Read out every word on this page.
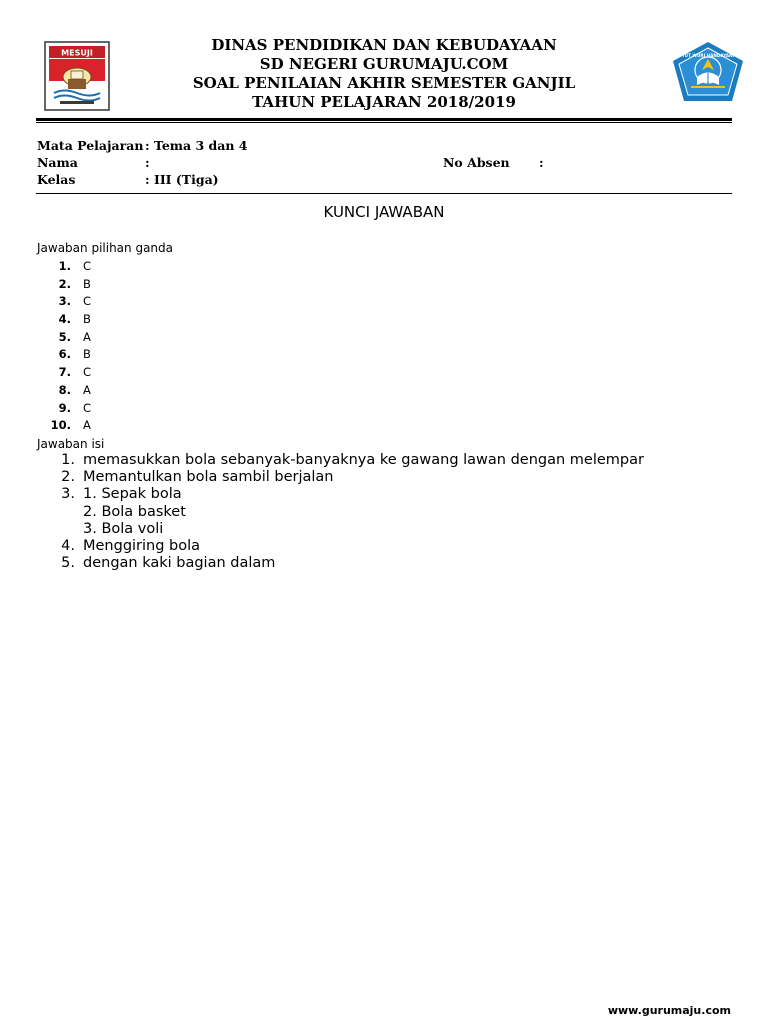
MESUJI	DINAS PENDIDIKAN DAN KEBUDAYAAN
SD NEGERI GURUMAJU.COM
SOAL PENILAIAN AKHIR SEMESTER GANJIL
TAHUN PELAJARAN 2018/2019
TUT WURI HANDAYANI
Mata Pelajaran : Tema 3 dan 4
Nama	:	No Absen :
Kelas	: III (Tiga)
KUNCI JAWABAN
Jawaban pilihan ganda
1. C
2. B
3. C
4. B
5. A
6. B
7. C
8. A
9. C
10. A
Jawaban isi
1. memasukkan bola sebanyak-banyaknya ke gawang lawan dengan melempar
2. Memantulkan bola sambil berjalan
3. 1. Sepak bola
2. Bola basket
3. Bola voli
4. Menggiring bola
5. dengan kaki bagian dalam
www.gurumaju.com
